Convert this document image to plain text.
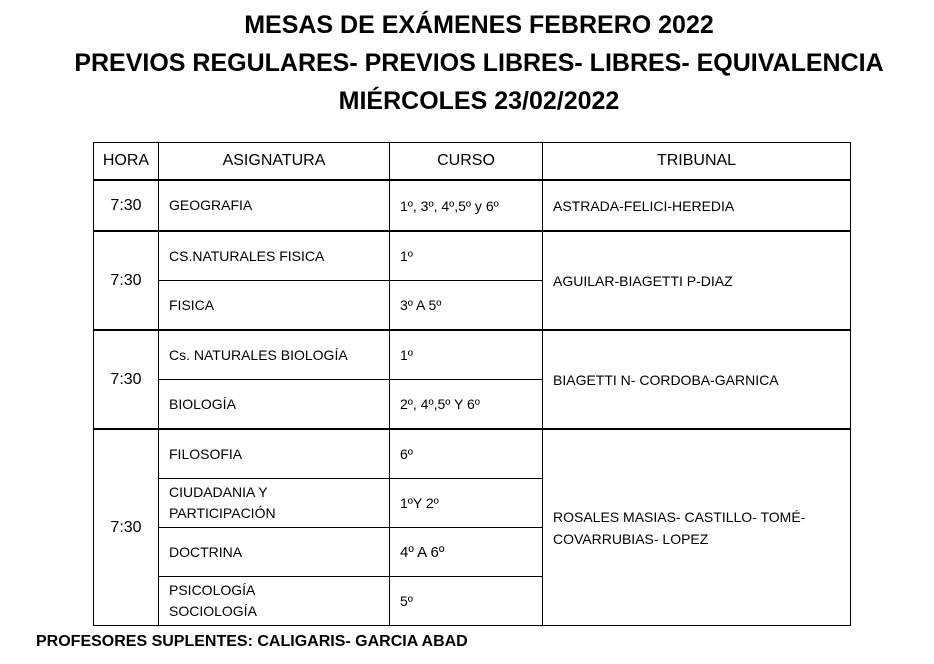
MESAS DE EXÁMENES FEBRERO 2022
PREVIOS REGULARES- PREVIOS LIBRES- LIBRES- EQUIVALENCIA
MIÉRCOLES 23/02/2022
HORA	ASIGNATURA	CURSO	TRIBUNAL
7:30	GEOGRAFIA	1º, 3º, 4º,5º y 6º	ASTRADA-FELICI-HEREDIA
7:30	CS.NATURALES FISICA	1º	AGUILAR-BIAGETTI P-DIAZ
	FISICA	3º A 5º	
7:30	Cs. NATURALES BIOLOGÍA	1º	BIAGETTI N- CORDOBA-GARNICA
	BIOLOGÍA	2º, 4º,5º Y 6º	
7:30	FILOSOFIA	6º	ROSALES MASIAS- CASTILLO- TOMÉ-
COVARRUBIAS- LOPEZ

	CIUDADANIA Y
PARTICIPACIÓN	1ºY 2º	
	DOCTRINA	4º A 6º	

	PSICOLOGÍA
SOCIOLOGÍA	5º	
PROFESORES SUPLENTES: CALIGARIS- GARCIA ABAD
